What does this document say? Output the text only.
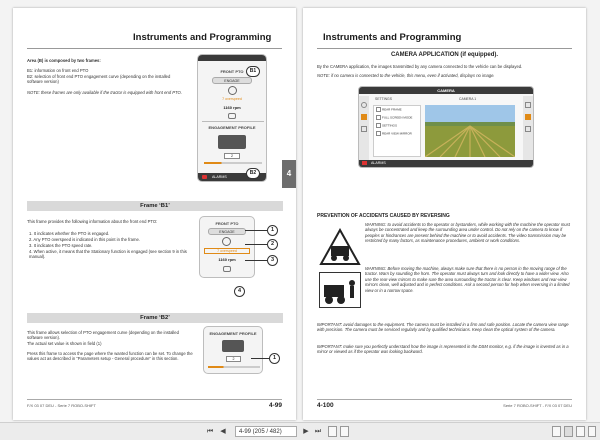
Instruments and Programming
Area (B) is composed by two frames:
B1: information on front end PTO
B2: selection of front end PTO engagement curve (depending on the installed software version)
NOTE: these frames are only available if the tractor is equipped with front end PTO.
FRONT PTO
ENGAGE
7 overspeed
1160 rpm
ENGAGEMENT PROFILE
2
ALARMS
B1
B2
Frame ‘B1’
This frame provides the following information about the front end PTO:
1. It indicates whether the PTO is engaged.
2. Any PTO overspeed is indicated in this point in the frame.
3. It indicates the PTO speed rate.
4. When active, it means that the Stationary function is engaged (see section 9 in this manual).
FRONT PTO
ENGAGE
7 overspeed
1160 rpm
1
2
3
4
Frame ‘B2’
This frame allows selection of PTO engagement curve (depending on the installed software version).
The actual set value is shown in field (1)
Press this frame to access the page where the wanted function can be set. To change the values act as described in “Parameters setup - General procedure” in this section.
ENGAGEMENT PROFILE
2	1
F/X 03 07 DEU - Serie 7 ROBO-SHIFT	4-99
4
Instruments and Programming
CAMERA APPLICATION (if equipped).
By the CAMERA application, the images transmitted by any camera connected to the vehicle can be displayed.
NOTE: if no camera is connected to the vehicle, this menu, even if activated, displays no image.
CAMERA
SETTINGS	CAMERA 1
REAR FRAME
FULL SCREEN MODE
SETTINGS
REAR VIEW MIRROR
ALARMS
PREVENTION OF ACCIDENTS CAUSED BY REVERSING
WARNING: to avoid accidents to the operator or bystanders, while working with the machine the operator must always be concentrated and keep the surrounding area under control. Do not rely on the camera to know if peoples or hindrances are present behind the machine or to avoid accidents. The video transmission may be restricted by many factors, as maintenance procedures, ambient or work conditions.
WARNING: Before moving the machine, always make sure that there is no person in the moving range of the tractor. Warn by sounding the horn. The operator must always turn and look directly to have a wider view. Also use the rear-view mirrors to make sure the area surrounding the tractor is clear. Keep windows and rear-view mirrors clean, well adjusted and in perfect conditions. Ask a second person for help when reversing in a limited view or in a narrow space.
IMPORTANT: avoid damages to the equipment. The camera must be installed in a firm and safe position. Locate the camera view range with precision. The camera must be serviced regularly and by qualified technicians. Keep clean the optical system of the camera.
IMPORTANT: make sure you perfectly understand how the image is represented in the DSM monitor, e.g. if the image is inverted as in a mirror or viewed as if the operator was looking backward.
4-100	Serie 7 ROBO-SHIFT - F/X 03 07 DEU
⏮	◀	4-99 (205 / 482)	▶ ⏭
